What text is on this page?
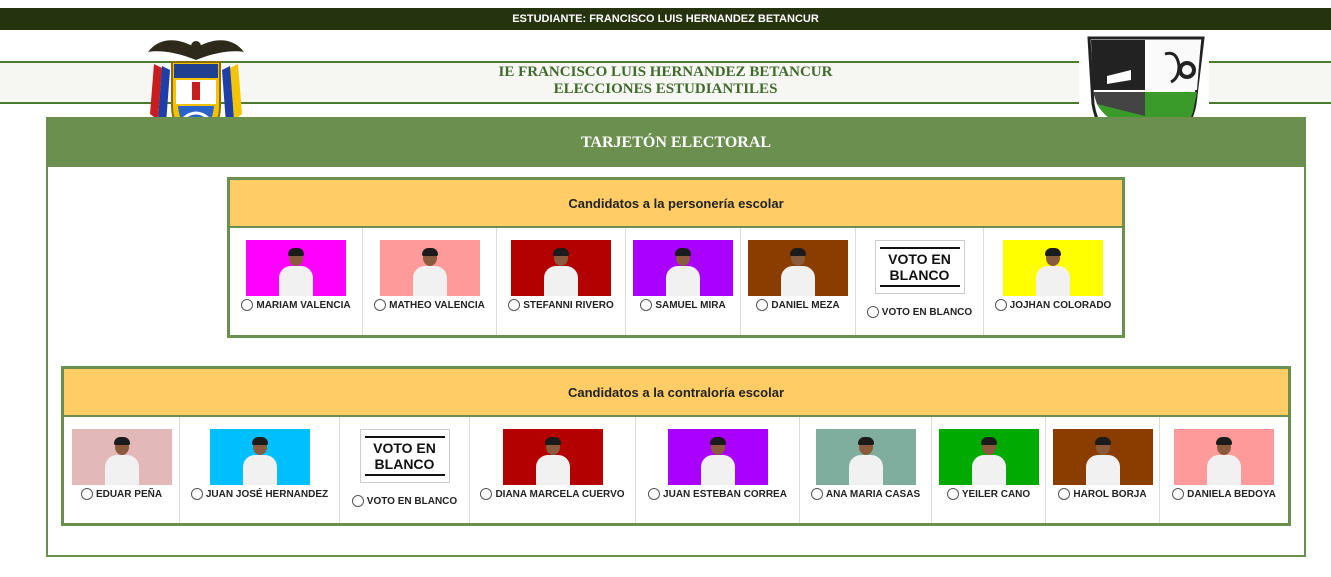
ESTUDIANTE: FRANCISCO LUIS HERNANDEZ BETANCUR
IE FRANCISCO LUIS HERNANDEZ BETANCUR
ELECCIONES ESTUDIANTILES
TARJETÓN ELECTORAL
Candidatos a la personería escolar
MARIAM VALENCIA	MATHEO VALENCIA	STEFANNI RIVERO	SAMUEL MIRA	DANIEL MEZA
VOTO EN BLANCO
VOTO EN BLANCO
JOJHAN COLORADO
Candidatos a la contraloría escolar
EDUAR PEÑA	JUAN JOSÉ HERNANDEZ
VOTO EN BLANCO
VOTO EN BLANCO
DIANA MARCELA CUERVO	JUAN ESTEBAN CORREA	ANA MARIA CASAS	YEILER CANO	HAROL BORJA	DANIELA BEDOYA
